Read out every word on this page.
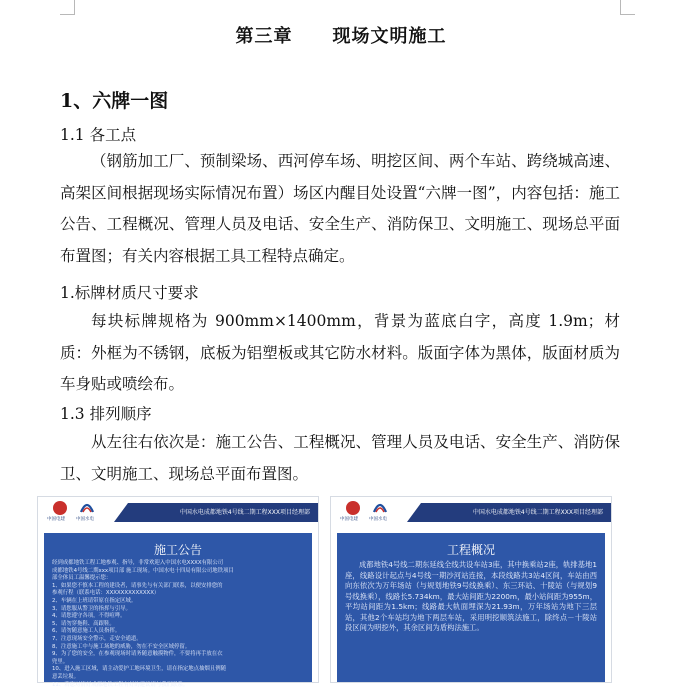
第三章 现场文明施工
1、六牌一图
1.1 各工点
（钢筋加工厂、预制梁场、西河停车场、明挖区间、两个车站、跨绕城高速、高架区间根据现场实际情况布置）场区内醒目处设置“六牌一图”，内容包括：施工公告、工程概况、管理人员及电话、安全生产、消防保卫、文明施工、现场总平面布置图；有关内容根据工具工程特点确定。
1.标牌材质尺寸要求
每块标牌规格为 900mm×1400mm，背景为蓝底白字，高度 1.9m；材质：外框为不锈钢，底板为铝塑板或其它防水材料。版面字体为黑体，版面材质为车身贴或喷绘布。
1.3 排列顺序
从左往右依次是：施工公告、工程概况、管理人员及电话、安全生产、消防保卫、文明施工、现场总平面布置图。
中国电建 中国水电
中国水电成都地铁4号线二期工程XXX项目经理部
施工公告

经到成都地铁工程工地参观、指导，非常欢迎入中国水电XXXX有限公司

成都地铁4号线二期xxx项目部 施工现场。中国水电十四局有限公司地铁项目

部全体员工温馨提示您：

1、如果您不慎本工程的建设者，请事先与有关部门联系，以便安排您的

参观行程（联系电话：XXXXXXXXXXXXX）

2、车辆在上班请带原在指定区域。

3、请您服从警卫的指挥与引导。

4、请您遵守各项，不得喧哗。

5、请勿穿拖鞋、高跟鞋。

6、请勿随意施工人员指挥。

7、注意现场安全警示，走安全通道。

8、注意施工中与施工场地的威胁，勿在不安全区域停留。

9、为了您的安全，在参观现场时请务随意触摸物件，不要将再手放在衣

兜里。

10、进入施工区域，请主动爱护工地环境卫生，请在指定地点抽烟且例随

意丢垃圾。

11、若您对情好成都地铁工程有好的建议请与我们联系。

中国电建 中国水电
中国水电成都地铁4号线二期工程XXX项目经理部
工程概况

成都地铁4号线二期东延线全线共设车站3座，其中换乘站2座，轨排基地1座，线路设计起点与4号线一期沙河站连接，本段线路共3站4区间，车站由西向东依次为万年场站（与规划地铁9号线换乘）、东三环站、十陵站（与规划9号线换乘），线路长5.734km，最大站间距为2200m，最小站间距为955m，平均站间距为1.5km；线路最大轨面埋深为21.93m，万年场站为地下三层站，其他2个车站均为地下两层车站，采用明挖顺筑法施工，除终点－十陵站段区间为明挖外，其余区间为盾构法施工。
